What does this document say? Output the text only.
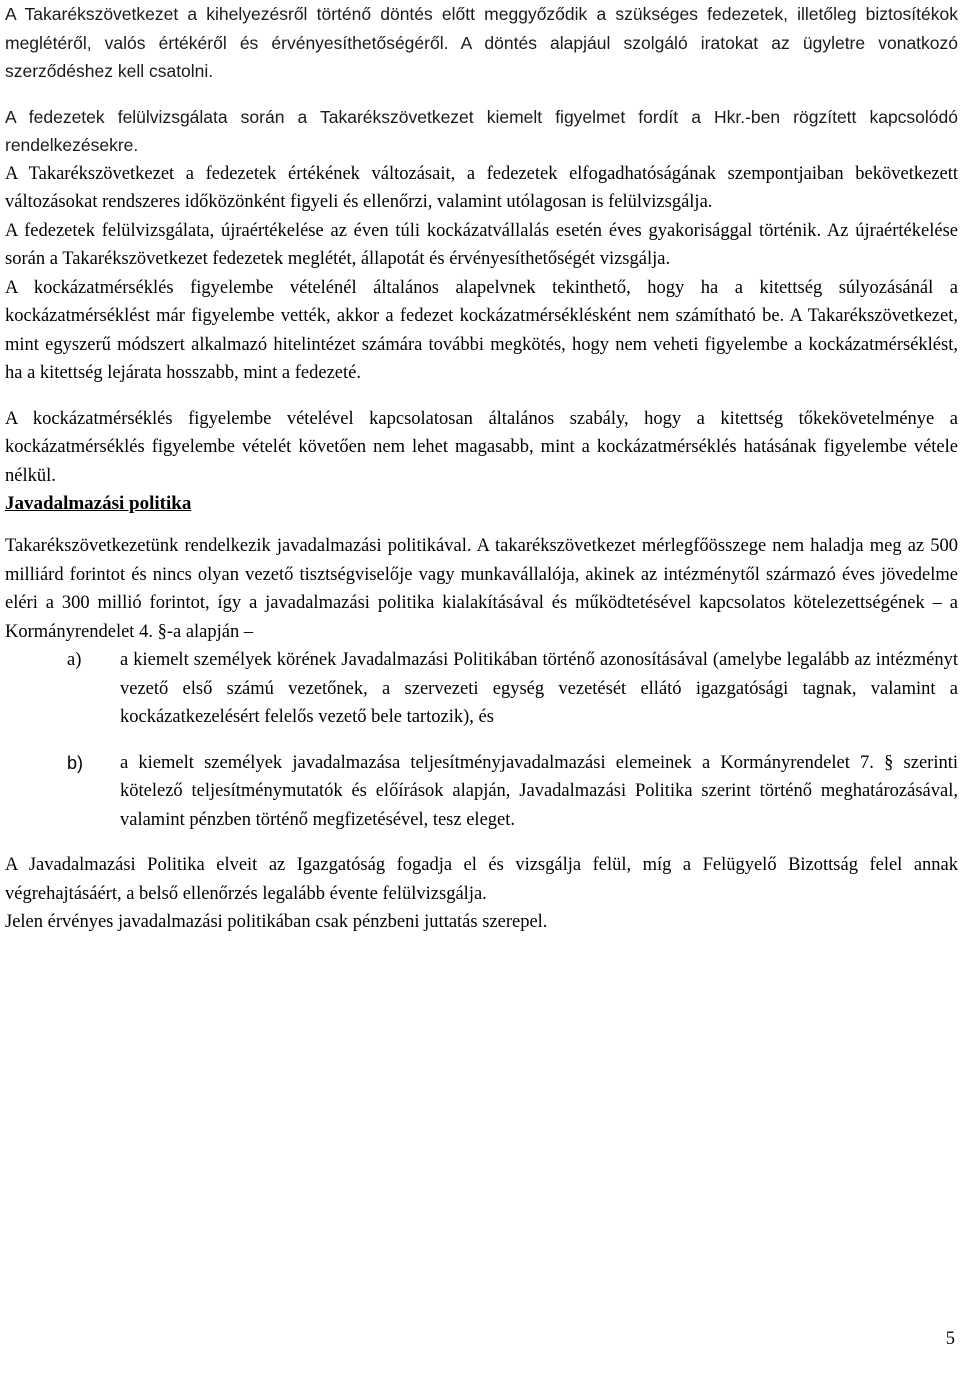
A Takarékszövetkezet a kihelyezésről történő döntés előtt meggyőződik a szükséges fedezetek, illetőleg biztosítékok meglétéről, valós értékéről és érvényesíthetőségéről. A döntés alapjául szolgáló iratokat az ügyletre vonatkozó szerződéshez kell csatolni.

A fedezetek felülvizsgálata során a Takarékszövetkezet kiemelt figyelmet fordít a Hkr.-ben rögzített kapcsolódó rendelkezésekre.

A Takarékszövetkezet a fedezetek értékének változásait, a fedezetek elfogadhatóságának szempontjaiban bekövetkezett változásokat rendszeres időközönként figyeli és ellenőrzi, valamint utólagosan is felülvizsgálja.

A fedezetek felülvizsgálata, újraértékelése az éven túli kockázatvállalás esetén éves gyakorisággal történik. Az újraértékelése során a Takarékszövetkezet fedezetek meglétét, állapotát és érvényesíthetőségét vizsgálja.

A kockázatmérséklés figyelembe vételénél általános alapelvnek tekinthető, hogy ha a kitettség súlyozásánál a kockázatmérséklést már figyelembe vették, akkor a fedezet kockázatmérséklésként nem számítható be. A Takarékszövetkezet, mint egyszerű módszert alkalmazó hitelintézet számára további megkötés, hogy nem veheti figyelembe a kockázatmérséklést, ha a kitettség lejárata hosszabb, mint a fedezeté.

A kockázatmérséklés figyelembe vételével kapcsolatosan általános szabály, hogy a kitettség tőkekövetelménye a kockázatmérséklés figyelembe vételét követően nem lehet magasabb, mint a kockázatmérséklés hatásának figyelembe vétele nélkül.

Javadalmazási politika

Takarékszövetkezetünk rendelkezik javadalmazási politikával. A takarékszövetkezet mérlegfőösszege nem haladja meg az 500 milliárd forintot és nincs olyan vezető tisztségviselője vagy munkavállalója, akinek az intézménytől származó éves jövedelme eléri a 300 millió forintot, így a javadalmazási politika kialakításával és működtetésével kapcsolatos kötelezettségének – a Kormányrendelet 4. §-a alapján –

a)	a kiemelt személyek körének Javadalmazási Politikában történő azonosításával (amelybe legalább az intézményt vezető első számú vezetőnek, a szervezeti egység vezetését ellátó igazgatósági tagnak, valamint a kockázatkezelésért felelős vezető bele tartozik), és
b)	a kiemelt személyek javadalmazása teljesítményjavadalmazási elemeinek a Kormányrendelet 7. § szerinti kötelező teljesítménymutatók és előírások alapján, Javadalmazási Politika szerint történő meghatározásával, valamint pénzben történő megfizetésével, tesz eleget.

A Javadalmazási Politika elveit az Igazgatóság fogadja el és vizsgálja felül, míg a Felügyelő Bizottság felel annak végrehajtásáért, a belső ellenőrzés legalább évente felülvizsgálja.

Jelen érvényes javadalmazási politikában csak pénzbeni juttatás szerepel.

5
